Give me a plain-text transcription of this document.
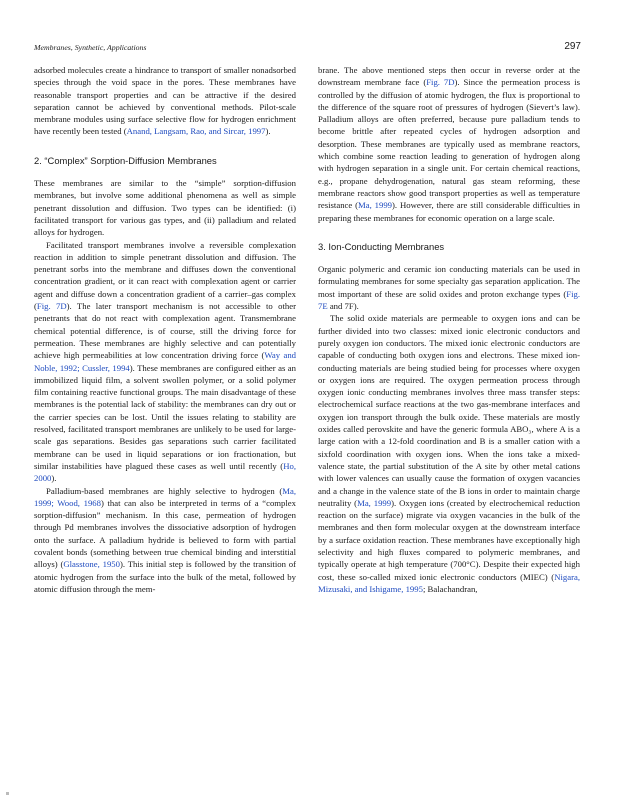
Membranes, Synthetic, Applications	297

adsorbed molecules create a hindrance to transport of smaller nonadsorbed species through the void space in the pores. These membranes have reasonable transport properties and can be attractive if the desired separation cannot be achieved by conventional methods. Pilot-scale membrane modules using surface selective flow for hydrogen enrichment have recently been tested (Anand, Langsam, Rao, and Sircar, 1997).

2. “Complex” Sorption-Diffusion Membranes

These membranes are similar to the “simple” sorption-diffusion membranes, but involve some additional phenomena as well as simple penetrant dissolution and diffusion. Two types can be identified: (i) facilitated transport for various gas types, and (ii) palladium and related alloys for hydrogen.

Facilitated transport membranes involve a reversible complexation reaction in addition to simple penetrant dissolution and diffusion. The penetrant sorbs into the membrane and diffuses down the conventional concentration gradient, or it can react with complexation agent or carrier agent and diffuse down a concentration gradient of a carrier–gas complex (Fig. 7D). The later transport mechanism is not accessible to other penetrants that do not react with complexation agent. Transmembrane chemical potential difference, is of course, still the driving force for permeation. These membranes are highly selective and can potentially achieve high permeabilities at low concentration driving force (Way and Noble, 1992; Cussler, 1994). These membranes are configured either as an immobilized liquid film, a solvent swollen polymer, or a solid polymer film containing reactive functional groups. The main disadvantage of these membranes is the potential lack of stability: the membranes can dry out or the carrier species can be lost. Until the issues relating to stability are resolved, facilitated transport membranes are unlikely to be used for large-scale gas separations. Besides gas separations such carrier facilitated membrane can be used in liquid separations or ion fractionation, but similar instabilities have plagued these cases as well until recently (Ho, 2000).

Palladium-based membranes are highly selective to hydrogen (Ma, 1999; Wood, 1968) that can also be interpreted in terms of a “complex sorption-diffusion” mechanism. In this case, permeation of hydrogen through Pd membranes involves the dissociative adsorption of hydrogen onto the surface. A palladium hydride is believed to form with partial covalent bonds (something between true chemical binding and interstitial alloys) (Glasstone, 1950). This initial step is followed by the transition of atomic hydrogen from the surface into the bulk of the metal, followed by atomic diffusion through the mem-

brane. The above mentioned steps then occur in reverse order at the downstream membrane face (Fig. 7D). Since the permeation process is controlled by the diffusion of atomic hydrogen, the flux is proportional to the difference of the square root of pressures of hydrogen (Sievert’s law). Palladium alloys are often preferred, because pure palladium tends to become brittle after repeated cycles of hydrogen adsorption and desorption. These membranes are typically used as membrane reactors, which combine some reaction leading to generation of hydrogen along with hydrogen separation in a single unit. For certain chemical reactions, e.g., propane dehydrogenation, natural gas steam reforming, these membrane reactors show good transport properties as well as temperature resistance (Ma, 1999). However, there are still considerable difficulties in preparing these membranes for economic operation on a large scale.

3. Ion-Conducting Membranes

Organic polymeric and ceramic ion conducting materials can be used in formulating membranes for some specialty gas separation application. The most important of these are solid oxides and proton exchange types (Fig. 7E and 7F).

The solid oxide materials are permeable to oxygen ions and can be further divided into two classes: mixed ionic electronic conductors and purely oxygen ion conductors. The mixed ionic electronic conductors are capable of conducting both oxygen ions and electrons. These mixed ion-conducting materials are being studied being for processes where oxygen or oxygen ions are required. The oxygen permeation process through oxygen ionic conducting membranes involves three mass transfer steps: electrochemical surface reactions at the two gas-membrane interfaces and oxygen ion transport through the bulk oxide. These materials are mostly oxides called perovskite and have the generic formula ABO₃, where A is a large cation with a 12-fold coordination and B is a smaller cation with a sixfold coordination with oxygen ions. When the ions take a mixed-valence state, the partial substitution of the A site by other metal cations with lower valences can usually cause the formation of oxygen vacancies and a change in the valence state of the B ions in order to maintain charge neutrality (Ma, 1999). Oxygen ions (created by electrochemical reduction reaction on the surface) migrate via oxygen vacancies in the bulk of the membranes and then form molecular oxygen at the downstream interface by a surface oxidation reaction. These membranes have exceptionally high selectivity and high fluxes compared to polymeric membranes, and typically operate at high temperature (700°C). Despite their expected high cost, these so-called mixed ionic electronic conductors (MIEC) (Nigara, Mizusaki, and Ishigame, 1995; Balachandran,
